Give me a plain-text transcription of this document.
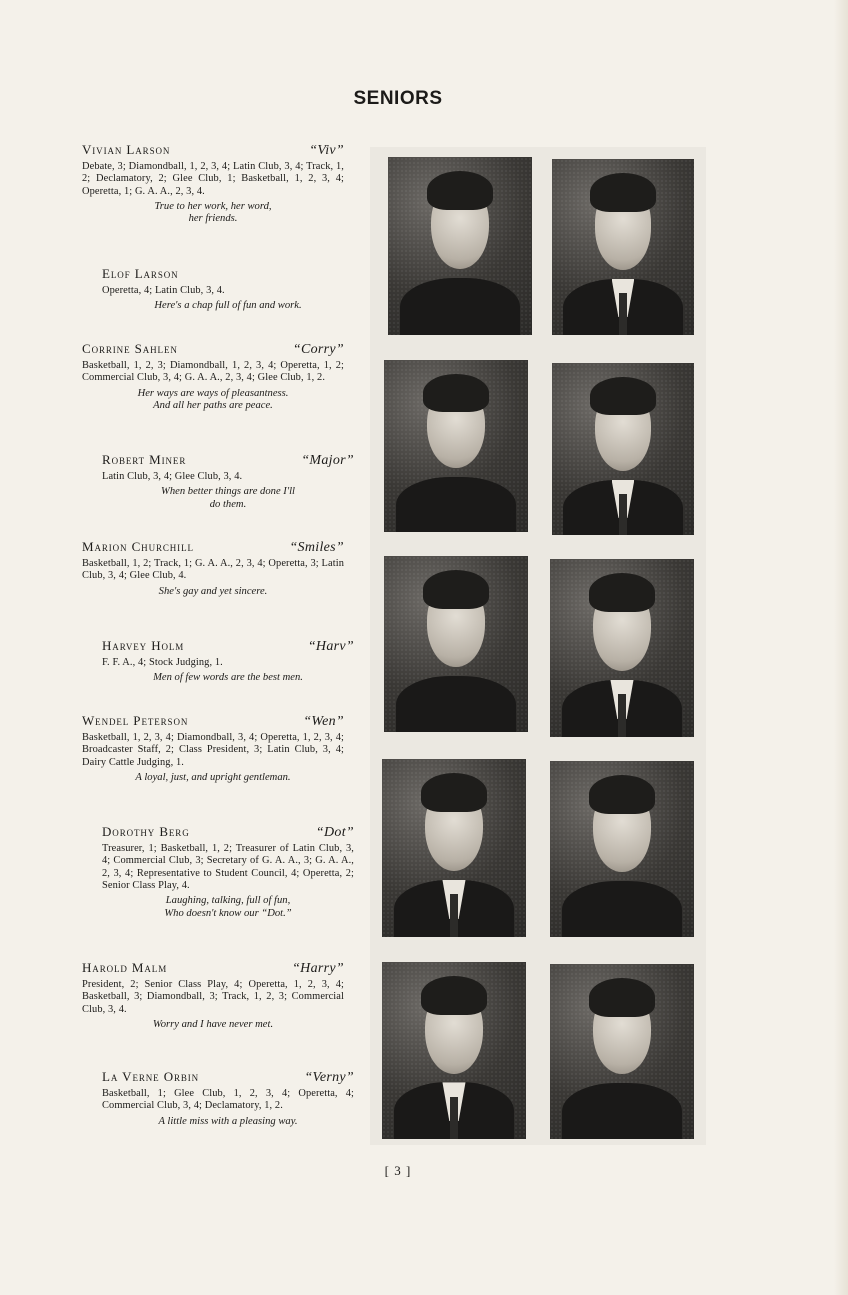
SENIORS
Vivian Larson	“Viv”
Debate, 3; Diamondball, 1, 2, 3, 4; Latin Club, 3, 4; Track, 1, 2; Declamatory, 2; Glee Club, 1; Basketball, 1, 2, 3, 4; Operetta, 1; G. A. A., 2, 3, 4.
True to her work, her word,
her friends.
Elof Larson
Operetta, 4; Latin Club, 3, 4.
Here's a chap full of fun and work.
Corrine Sahlen	“Corry”
Basketball, 1, 2, 3; Diamondball, 1, 2, 3, 4; Operetta, 1, 2; Commercial Club, 3, 4; G. A. A., 2, 3, 4; Glee Club, 1, 2.
Her ways are ways of pleasantness.
And all her paths are peace.
Robert Miner	“Major”
Latin Club, 3, 4; Glee Club, 3, 4.
When better things are done I'll
do them.
Marion Churchill	“Smiles”
Basketball, 1, 2; Track, 1; G. A. A., 2, 3, 4; Operetta, 3; Latin Club, 3, 4; Glee Club, 4.
She's gay and yet sincere.
Harvey Holm	“Harv”
F. F. A., 4; Stock Judging, 1.
Men of few words are the best men.
Wendel Peterson	“Wen”
Basketball, 1, 2, 3, 4; Diamondball, 3, 4; Operetta, 1, 2, 3, 4; Broadcaster Staff, 2; Class President, 3; Latin Club, 3, 4; Dairy Cattle Judging, 1.
A loyal, just, and upright gentleman.
Dorothy Berg	“Dot”
Treasurer, 1; Basketball, 1, 2; Treasurer of Latin Club, 3, 4; Commercial Club, 3; Secretary of G. A. A., 3; G. A. A., 2, 3, 4; Representative to Student Council, 4; Operetta, 2; Senior Class Play, 4.
Laughing, talking, full of fun,
Who doesn't know our “Dot.”
Harold Malm	“Harry”
President, 2; Senior Class Play, 4; Operetta, 1, 2, 3, 4; Basketball, 3; Diamondball, 3; Track, 1, 2, 3; Commercial Club, 3, 4.
Worry and I have never met.
La Verne Orbin	“Verny”
Basketball, 1; Glee Club, 1, 2, 3, 4; Operetta, 4; Commercial Club, 3, 4; Declamatory, 1, 2.
A little miss with a pleasing way.
[ 3 ]
